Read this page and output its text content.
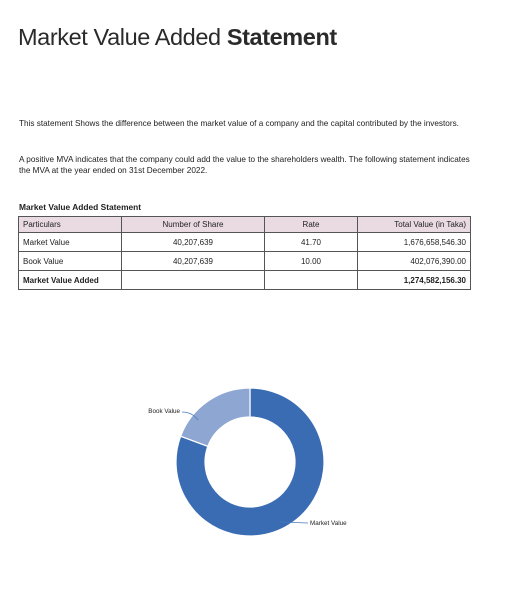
Market Value Added Statement
This statement Shows the difference between the market value of a company and the capital contributed by the investors.
A positive MVA indicates that the company could add the value to the shareholders wealth. The following statement indicates the MVA at the year ended on 31st December 2022.
Market Value Added Statement
Particulars	Number of Share	Rate	Total Value (in Taka)
Market Value	40,207,639	41.70	1,676,658,546.30
Book Value	40,207,639	10.00	402,076,390.00
Market Value Added			1,274,582,156.30
Market Value
Book Value
